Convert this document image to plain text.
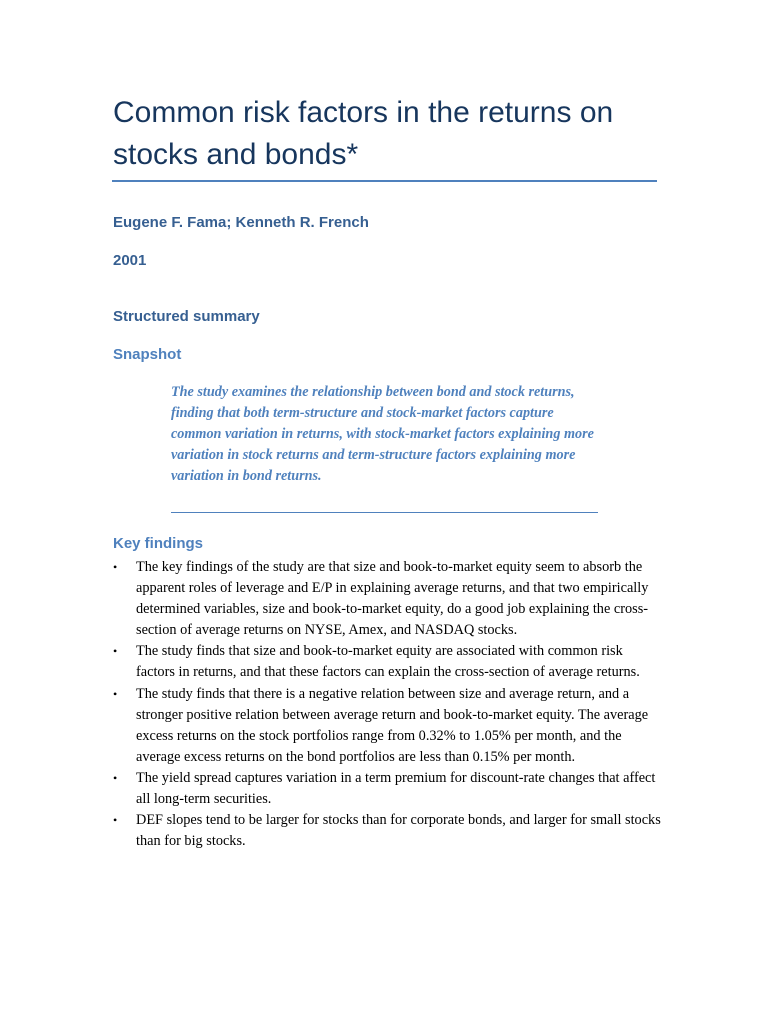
Common risk factors in the returns on stocks and bonds*
Eugene F. Fama; Kenneth R. French
2001
Structured summary
Snapshot

The study examines the relationship between bond and stock returns, finding that both term-structure and stock-market factors capture common variation in returns, with stock-market factors explaining more variation in stock returns and term-structure factors explaining more variation in bond returns.

Key findings
• The key findings of the study are that size and book-to-market equity seem to absorb the apparent roles of leverage and E/P in explaining average returns, and that two empirically determined variables, size and book-to-market equity, do a good job explaining the cross-section of average returns on NYSE, Amex, and NASDAQ stocks.
• The study finds that size and book-to-market equity are associated with common risk factors in returns, and that these factors can explain the cross-section of average returns.
• The study finds that there is a negative relation between size and average return, and a stronger positive relation between average return and book-to-market equity. The average excess returns on the stock portfolios range from 0.32% to 1.05% per month, and the average excess returns on the bond portfolios are less than 0.15% per month.
• The yield spread captures variation in a term premium for discount-rate changes that affect all long-term securities.
• DEF slopes tend to be larger for stocks than for corporate bonds, and larger for small stocks than for big stocks.
